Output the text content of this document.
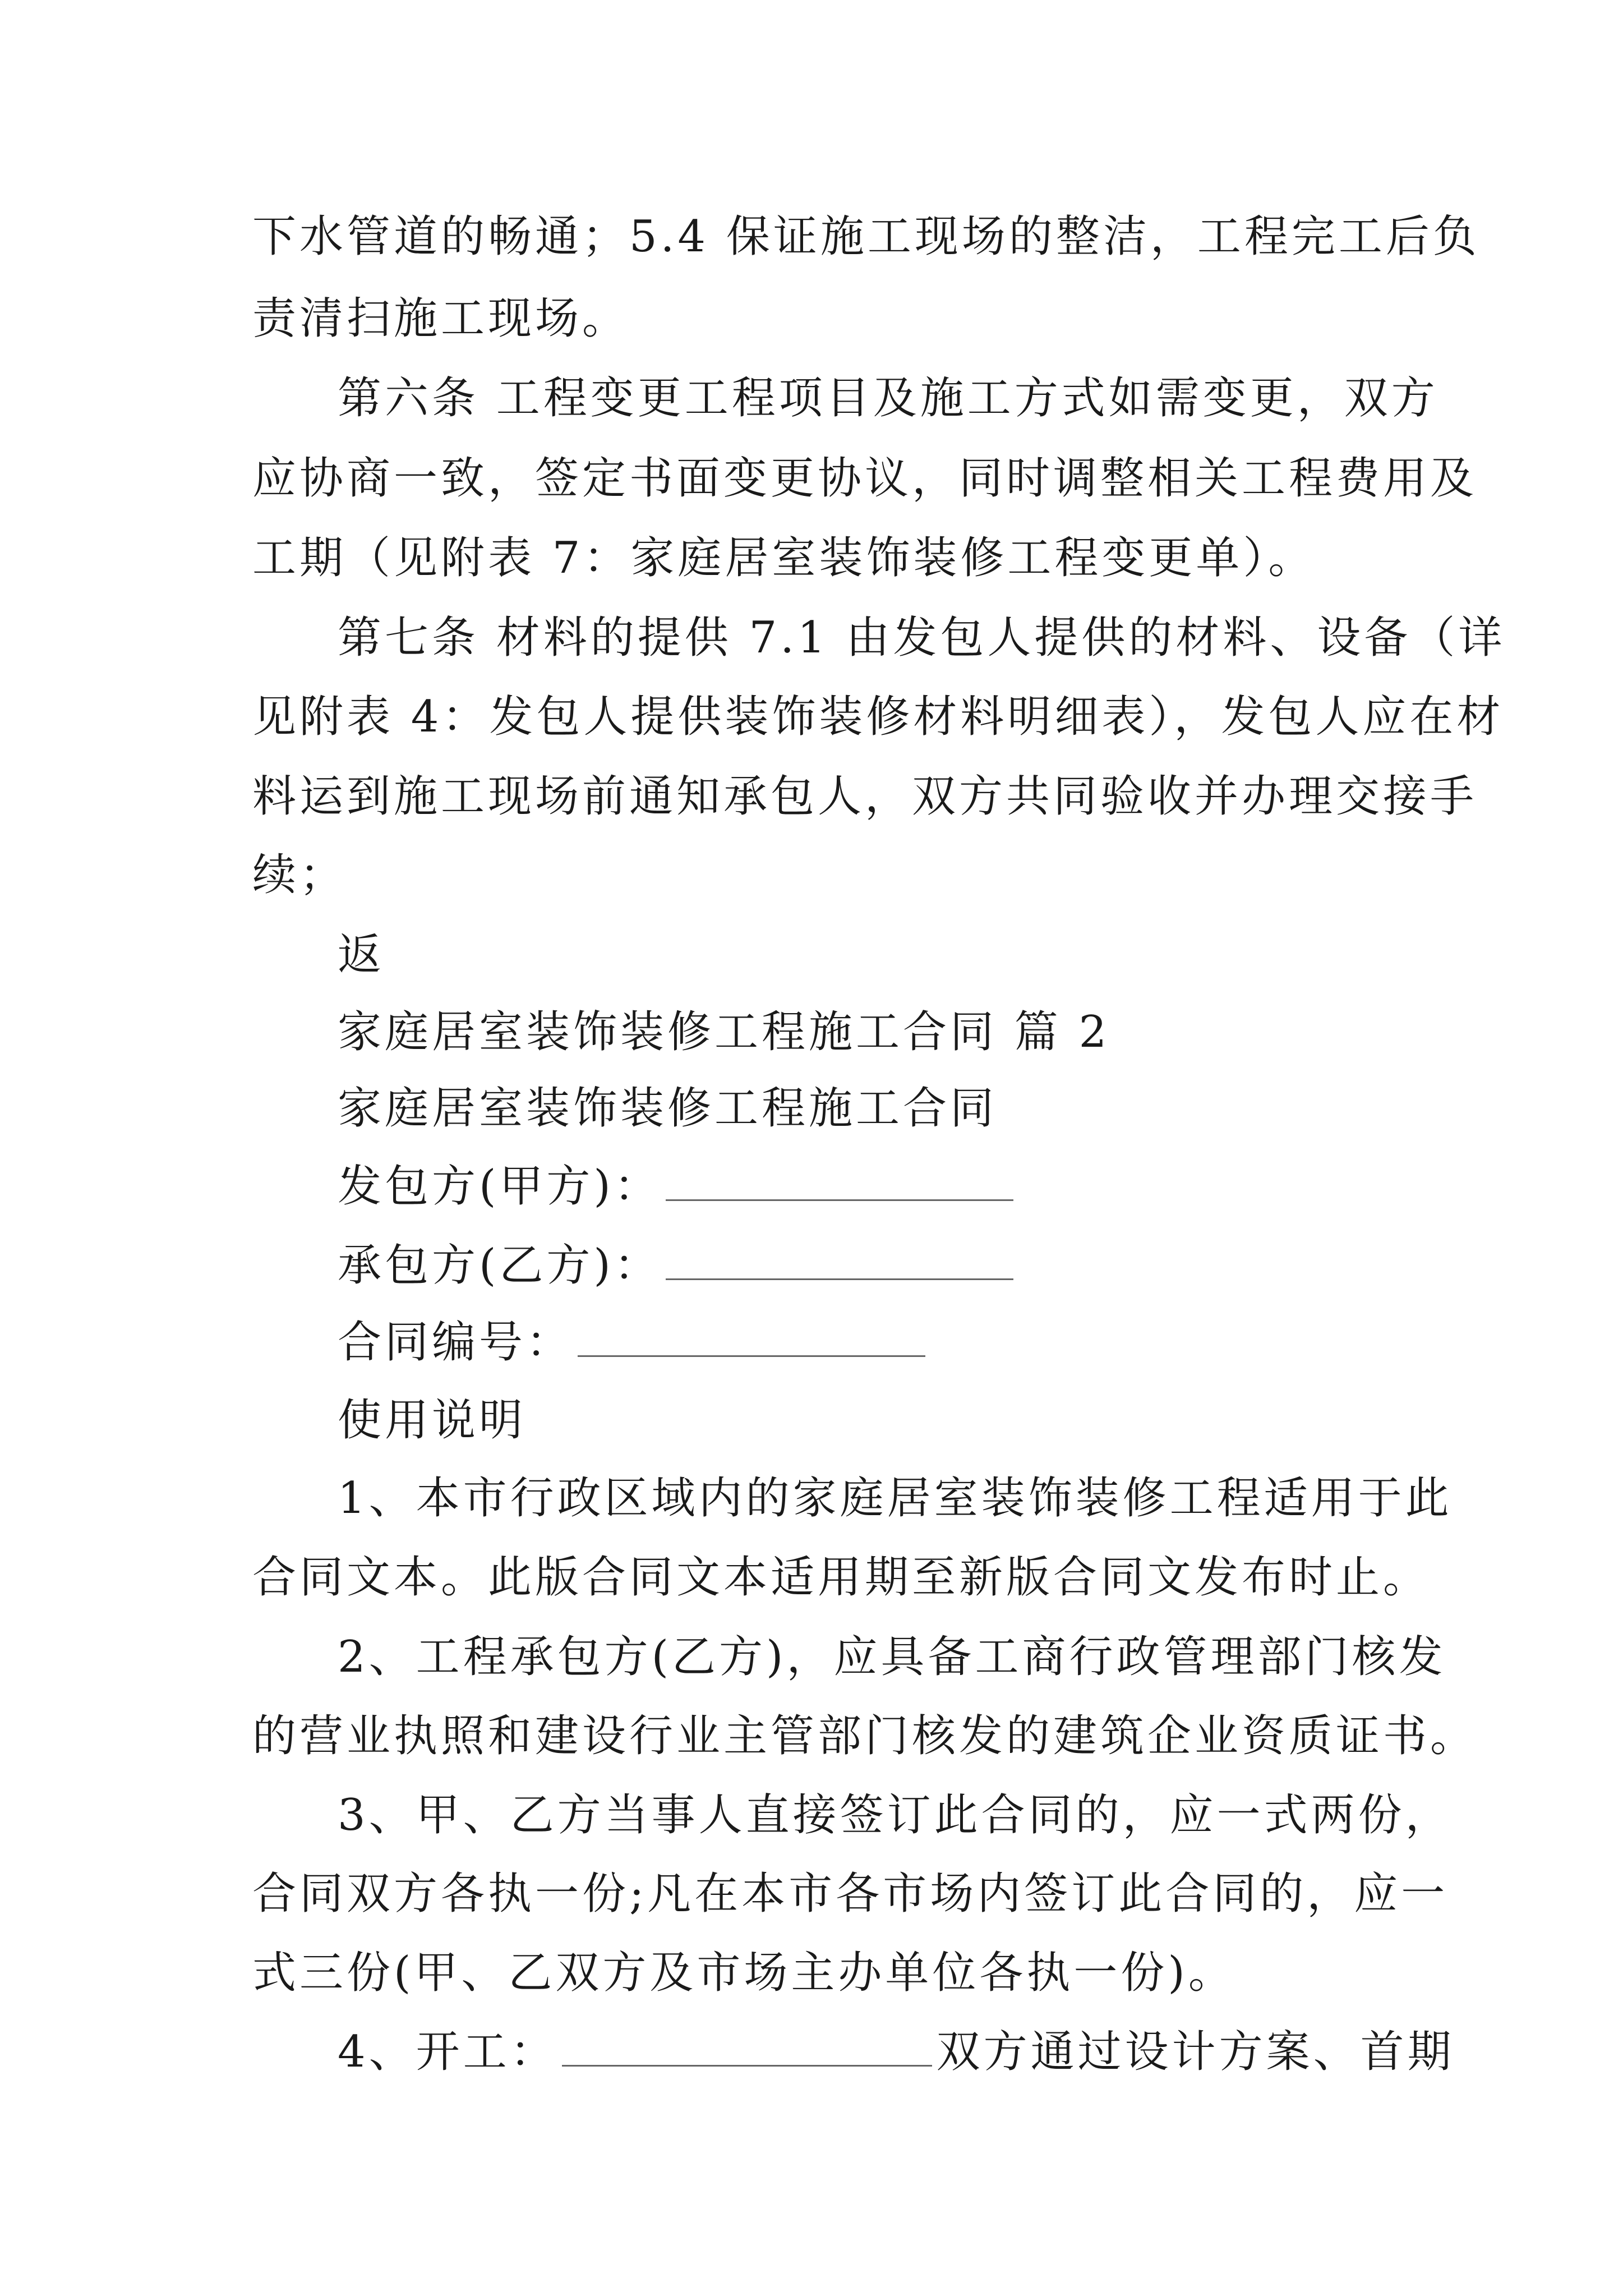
下水管道的畅通；5.4 保证施工现场的整洁，工程完工后负
责清扫施工现场。
第六条 工程变更工程项目及施工方式如需变更，双方
应协商一致，签定书面变更协议，同时调整相关工程费用及
工期（见附表 7：家庭居室装饰装修工程变更单）。
第七条 材料的提供 7.1 由发包人提供的材料、设备（详
见附表 4：发包人提供装饰装修材料明细表），发包人应在材
料运到施工现场前通知承包人，双方共同验收并办理交接手
续；
返
家庭居室装饰装修工程施工合同 篇 2
家庭居室装饰装修工程施工合同
发包方(甲方)：
承包方(乙方)：
合同编号：
使用说明
1、本市行政区域内的家庭居室装饰装修工程适用于此
合同文本。此版合同文本适用期至新版合同文发布时止。
2、工程承包方(乙方)，应具备工商行政管理部门核发
的营业执照和建设行业主管部门核发的建筑企业资质证书。
3、甲、乙方当事人直接签订此合同的，应一式两份，
合同双方各执一份;凡在本市各市场内签订此合同的，应一
式三份(甲、乙双方及市场主办单位各执一份)。
4、开工：	双方通过设计方案、首期
